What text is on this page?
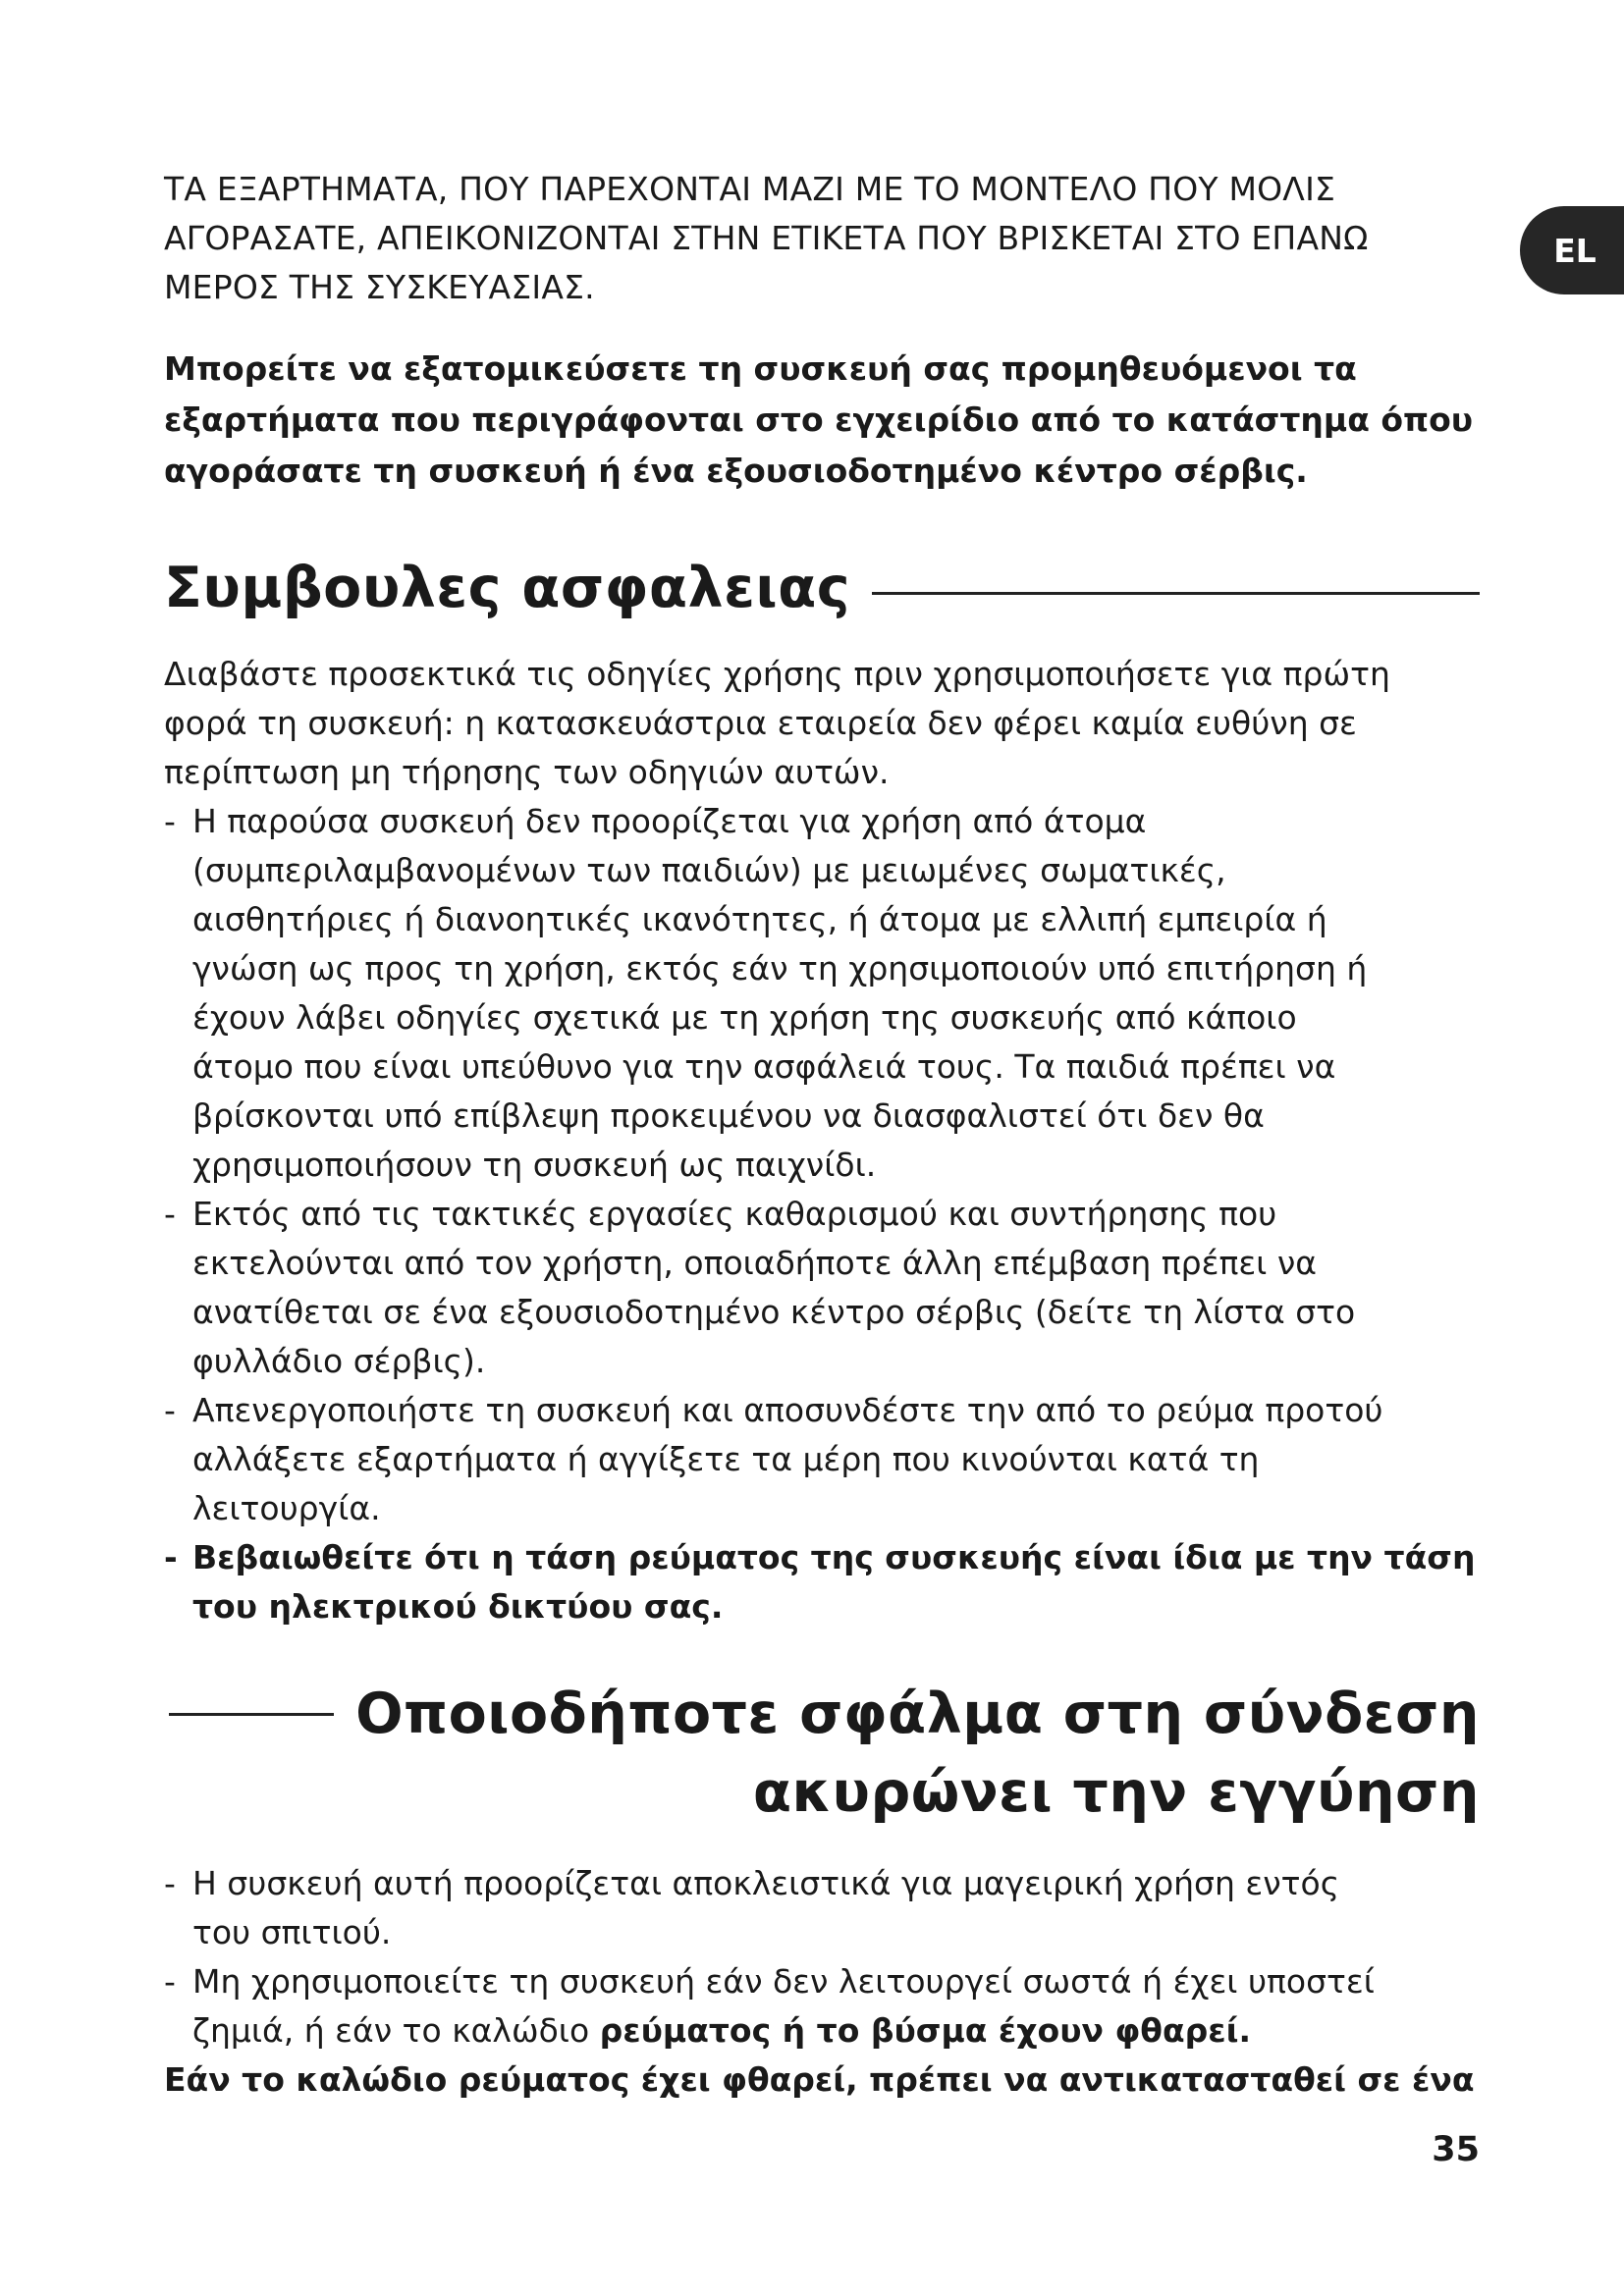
EL

ΤΑ ΕΞΑΡΤΗΜΑΤΑ, ΠΟΥ ΠΑΡΕΧΟΝΤΑΙ ΜΑΖΙ ΜΕ ΤΟ ΜΟΝΤΕΛΟ ΠΟΥ ΜΟΛΙΣ
ΑΓΟΡΑΣΑΤΕ, ΑΠΕΙΚΟΝΙΖΟΝΤΑΙ ΣΤΗΝ ΕΤΙΚΕΤΑ ΠΟΥ ΒΡΙΣΚΕΤΑΙ ΣΤΟ ΕΠΑΝΩ
ΜΕΡΟΣ ΤΗΣ ΣΥΣΚΕΥΑΣΙΑΣ.

Μπορείτε να εξατομικεύσετε τη συσκευή σας προμηθευόμενοι τα
εξαρτήματα που περιγράφονται στο εγχειρίδιο από το κατάστημα όπου
αγοράσατε τη συσκευή ή ένα εξουσιοδοτημένο κέντρο σέρβις.

Συμβουλες ασφαλειας

Διαβάστε προσεκτικά τις οδηγίες χρήσης πριν χρησιμοποιήσετε για πρώτη
φορά τη συσκευή: η κατασκευάστρια εταιρεία δεν φέρει καμία ευθύνη σε
περίπτωση μη τήρησης των οδηγιών αυτών.

- Η παρούσα συσκευή δεν προορίζεται για χρήση από άτομα
(συμπεριλαμβανομένων των παιδιών) με μειωμένες σωματικές,
αισθητήριες ή διανοητικές ικανότητες, ή άτομα με ελλιπή εμπειρία ή
γνώση ως προς τη χρήση, εκτός εάν τη χρησιμοποιούν υπό επιτήρηση ή
έχουν λάβει οδηγίες σχετικά με τη χρήση της συσκευής από κάποιο
άτομο που είναι υπεύθυνο για την ασφάλειά τους. Τα παιδιά πρέπει να
βρίσκονται υπό επίβλεψη προκειμένου να διασφαλιστεί ότι δεν θα
χρησιμοποιήσουν τη συσκευή ως παιχνίδι.
- Εκτός από τις τακτικές εργασίες καθαρισμού και συντήρησης που
εκτελούνται από τον χρήστη, οποιαδήποτε άλλη επέμβαση πρέπει να
ανατίθεται σε ένα εξουσιοδοτημένο κέντρο σέρβις (δείτε τη λίστα στο
φυλλάδιο σέρβις).
- Απενεργοποιήστε τη συσκευή και αποσυνδέστε την από το ρεύμα προτού
αλλάξετε εξαρτήματα ή αγγίξετε τα μέρη που κινούνται κατά τη
λειτουργία.
- Βεβαιωθείτε ότι η τάση ρεύματος της συσκευής είναι ίδια με την τάση
του ηλεκτρικού δικτύου σας.
Οποιοδήποτε σφάλμα στη σύνδεση
ακυρώνει την εγγύηση
- Η συσκευή αυτή προορίζεται αποκλειστικά για μαγειρική χρήση εντός
του σπιτιού.
- Μη χρησιμοποιείτε τη συσκευή εάν δεν λειτουργεί σωστά ή έχει υποστεί
ζημιά, ή εάν το καλώδιο ρεύματος ή το βύσμα έχουν φθαρεί.

Εάν το καλώδιο ρεύματος έχει φθαρεί, πρέπει να αντικατασταθεί σε ένα

35
